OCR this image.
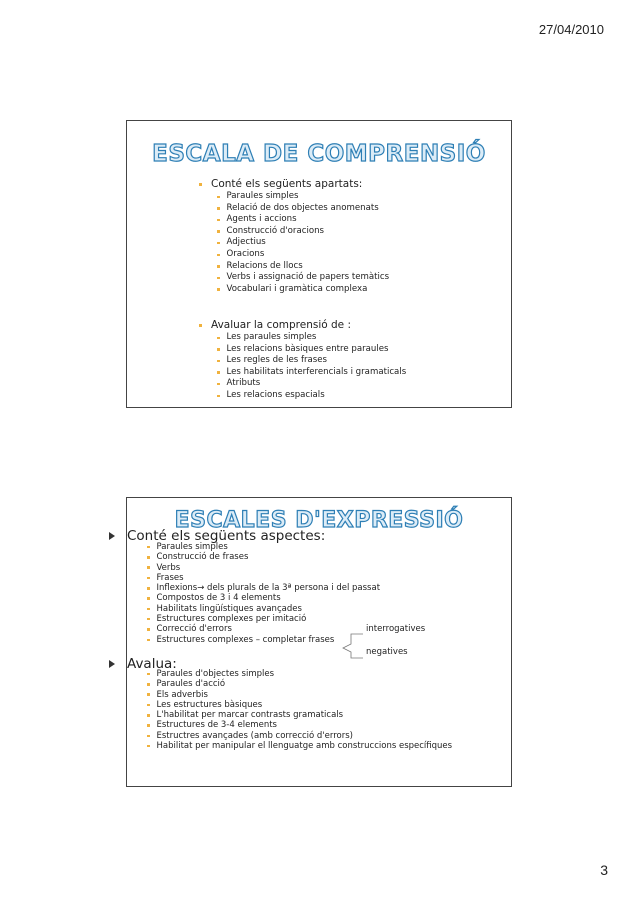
27/04/2010
ESCALA DE COMPRENSIÓ
Conté els següents apartats:
Paraules simples
Relació de dos objectes anomenats
Agents i accions
Construcció d'oracions
Adjectius
Oracions
Relacions de llocs
Verbs i assignació de papers temàtics
Vocabulari i gramàtica complexa
Avaluar la comprensió de :
Les paraules simples
Les relacions bàsiques entre paraules
Les regles de les frases
Les habilitats interferencials i gramaticals
Atributs
Les relacions espacials
ESCALES D'EXPRESSIÓ
Conté els següents aspectes:
Paraules simples
Construcció de frases
Verbs
Frases
Inflexions→ dels plurals de la 3ª persona i del passat
Compostos de 3 i 4 elements
Habilitats lingüístiques avançades
Estructures complexes per imitació
Correcció d'errors
Estructures complexes – completar frases
interrogatives
negatives
Avalua:
Paraules d'objectes simples
Paraules d'acció
Els adverbis
Les estructures bàsiques
L'habilitat per marcar contrasts gramaticals
Estructures de 3-4 elements
Estructres avançades (amb correcció d'errors)
Habilitat per manipular el llenguatge amb construccions específiques
3
